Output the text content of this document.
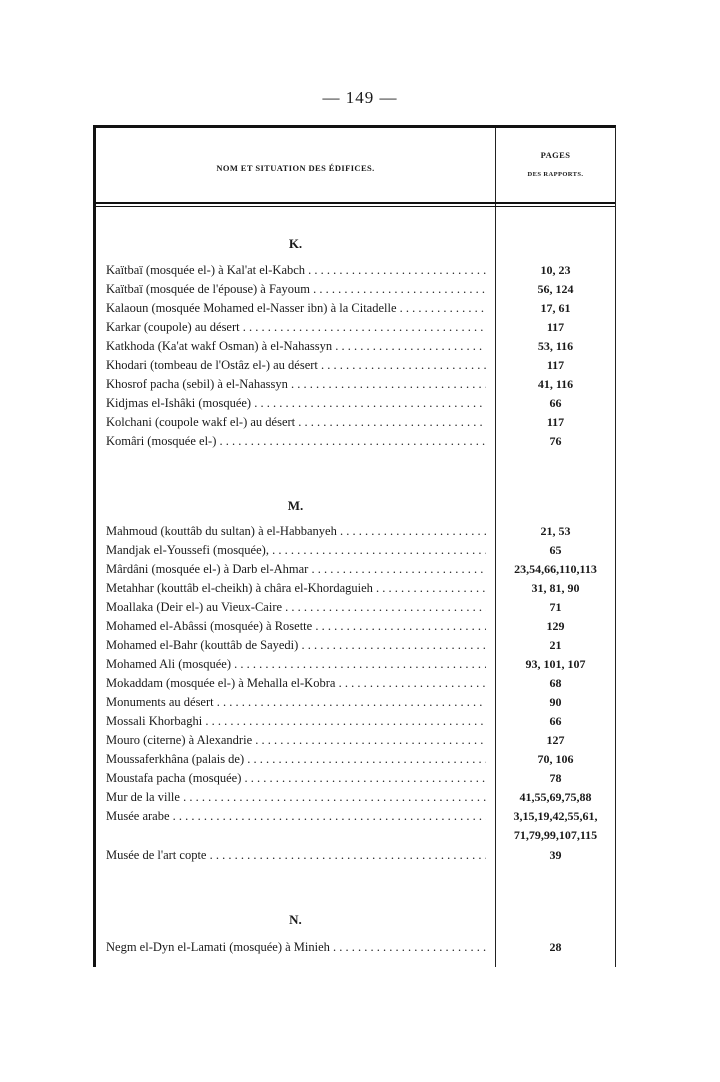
— 149 —
NOM ET SITUATION DES ÉDIFICES.
PAGES
DES RAPPORTS.
K.
Kaïtbaï (mosquée el-) à Kal'at el-Kabch . . .	10, 23
Kaïtbaï (mosquée de l'épouse) à Fayoum . . .	56, 124
Kalaoun (mosquée Mohamed el-Nasser ibn) à la Citadelle . . .	17, 61
Karkar (coupole) au désert . . .	117
Katkhoda (Ka'at wakf Osman) à el-Nahassyn . . .	53, 116
Khodari (tombeau de l'Ostâz el-) au désert . . .	117
Khosrof pacha (sebil) à el-Nahassyn . . .	41, 116
Kidjmas el-Ishâki (mosquée) . . .	66
Kolchani (coupole wakf el-) au désert . . .	117
Komâri (mosquée el-) . . .	76
M.
Mahmoud (kouttâb du sultan) à el-Habbanyeh . . .	21, 53
Mandjak el-Youssefi (mosquée), . . .	65
Mârdâni (mosquée el-) à Darb el-Ahmar . . .	23,54,66,110,113
Metahhar (kouttâb el-cheikh) à châra el-Khordaguieh . . .	31, 81, 90
Moallaka (Deir el-) au Vieux-Caire . . .	71
Mohamed el-Abâssi (mosquée) à Rosette . . .	129
Mohamed el-Bahr (kouttâb de Sayedi) . . .	21
Mohamed Ali (mosquée) . . .	93, 101, 107
Mokaddam (mosquée el-) à Mehalla el-Kobra . . .	68
Monuments au désert . . .	90
Mossali Khorbaghi . . .	66
Mouro (citerne) à Alexandrie . . .	127
Moussaferkhâna (palais de) . . .	70, 106
Moustafa pacha (mosquée) . . .	78
Mur de la ville . . .	41,55,69,75,88
Musée arabe . . .	3,15,19,42,55,61,
71,79,99,107,115
Musée de l'art copte . . .	39
N.
Negm el-Dyn el-Lamati (mosquée) à Minieh . . .	28
